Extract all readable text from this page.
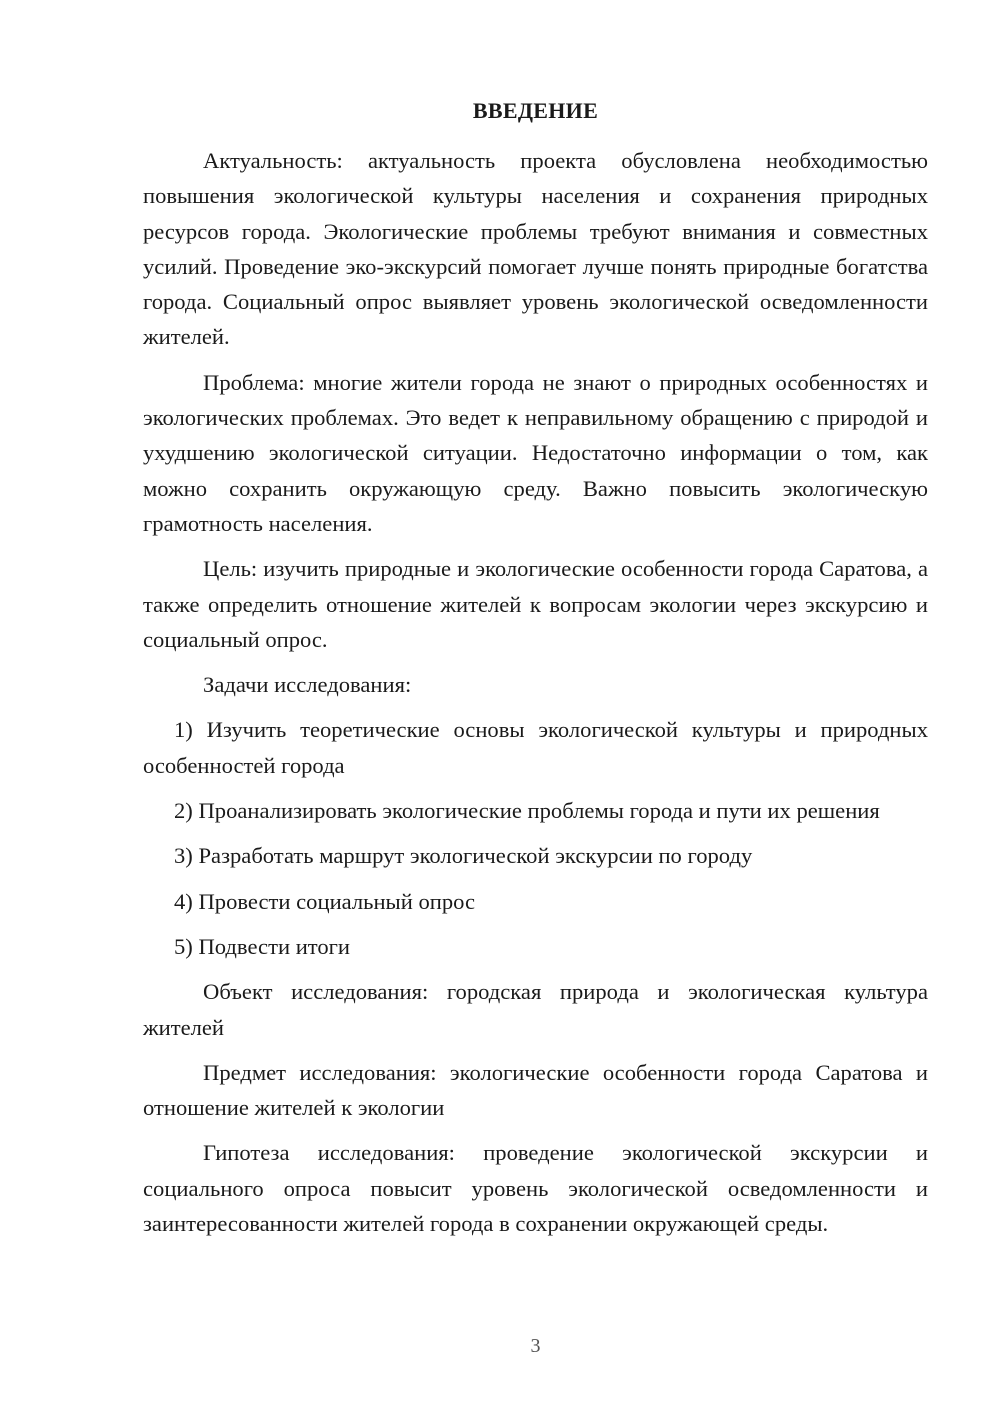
ВВЕДЕНИЕ

Актуальность: актуальность проекта обусловлена необходимостью повышения экологической культуры населения и сохранения природных ресурсов города. Экологические проблемы требуют внимания и совместных усилий. Проведение эко-экскурсий помогает лучше понять природные богатства города. Социальный опрос выявляет уровень экологической осведомленности жителей.

Проблема: многие жители города не знают о природных особенностях и экологических проблемах. Это ведет к неправильному обращению с природой и ухудшению экологической ситуации. Недостаточно информации о том, как можно сохранить окружающую среду. Важно повысить экологическую грамотность населения.

Цель: изучить природные и экологические особенности города Саратова, а также определить отношение жителей к вопросам экологии через экскурсию и социальный опрос.

Задачи исследования:

1) Изучить теоретические основы экологической культуры и природных особенностей города

2) Проанализировать экологические проблемы города и пути их решения

3) Разработать маршрут экологической экскурсии по городу

4) Провести социальный опрос

5) Подвести итоги

Объект исследования: городская природа и экологическая культура жителей

Предмет исследования: экологические особенности города Саратова и отношение жителей к экологии

Гипотеза исследования: проведение экологической экскурсии и социального опроса повысит уровень экологической осведомленности и заинтересованности жителей города в сохранении окружающей среды.

3
